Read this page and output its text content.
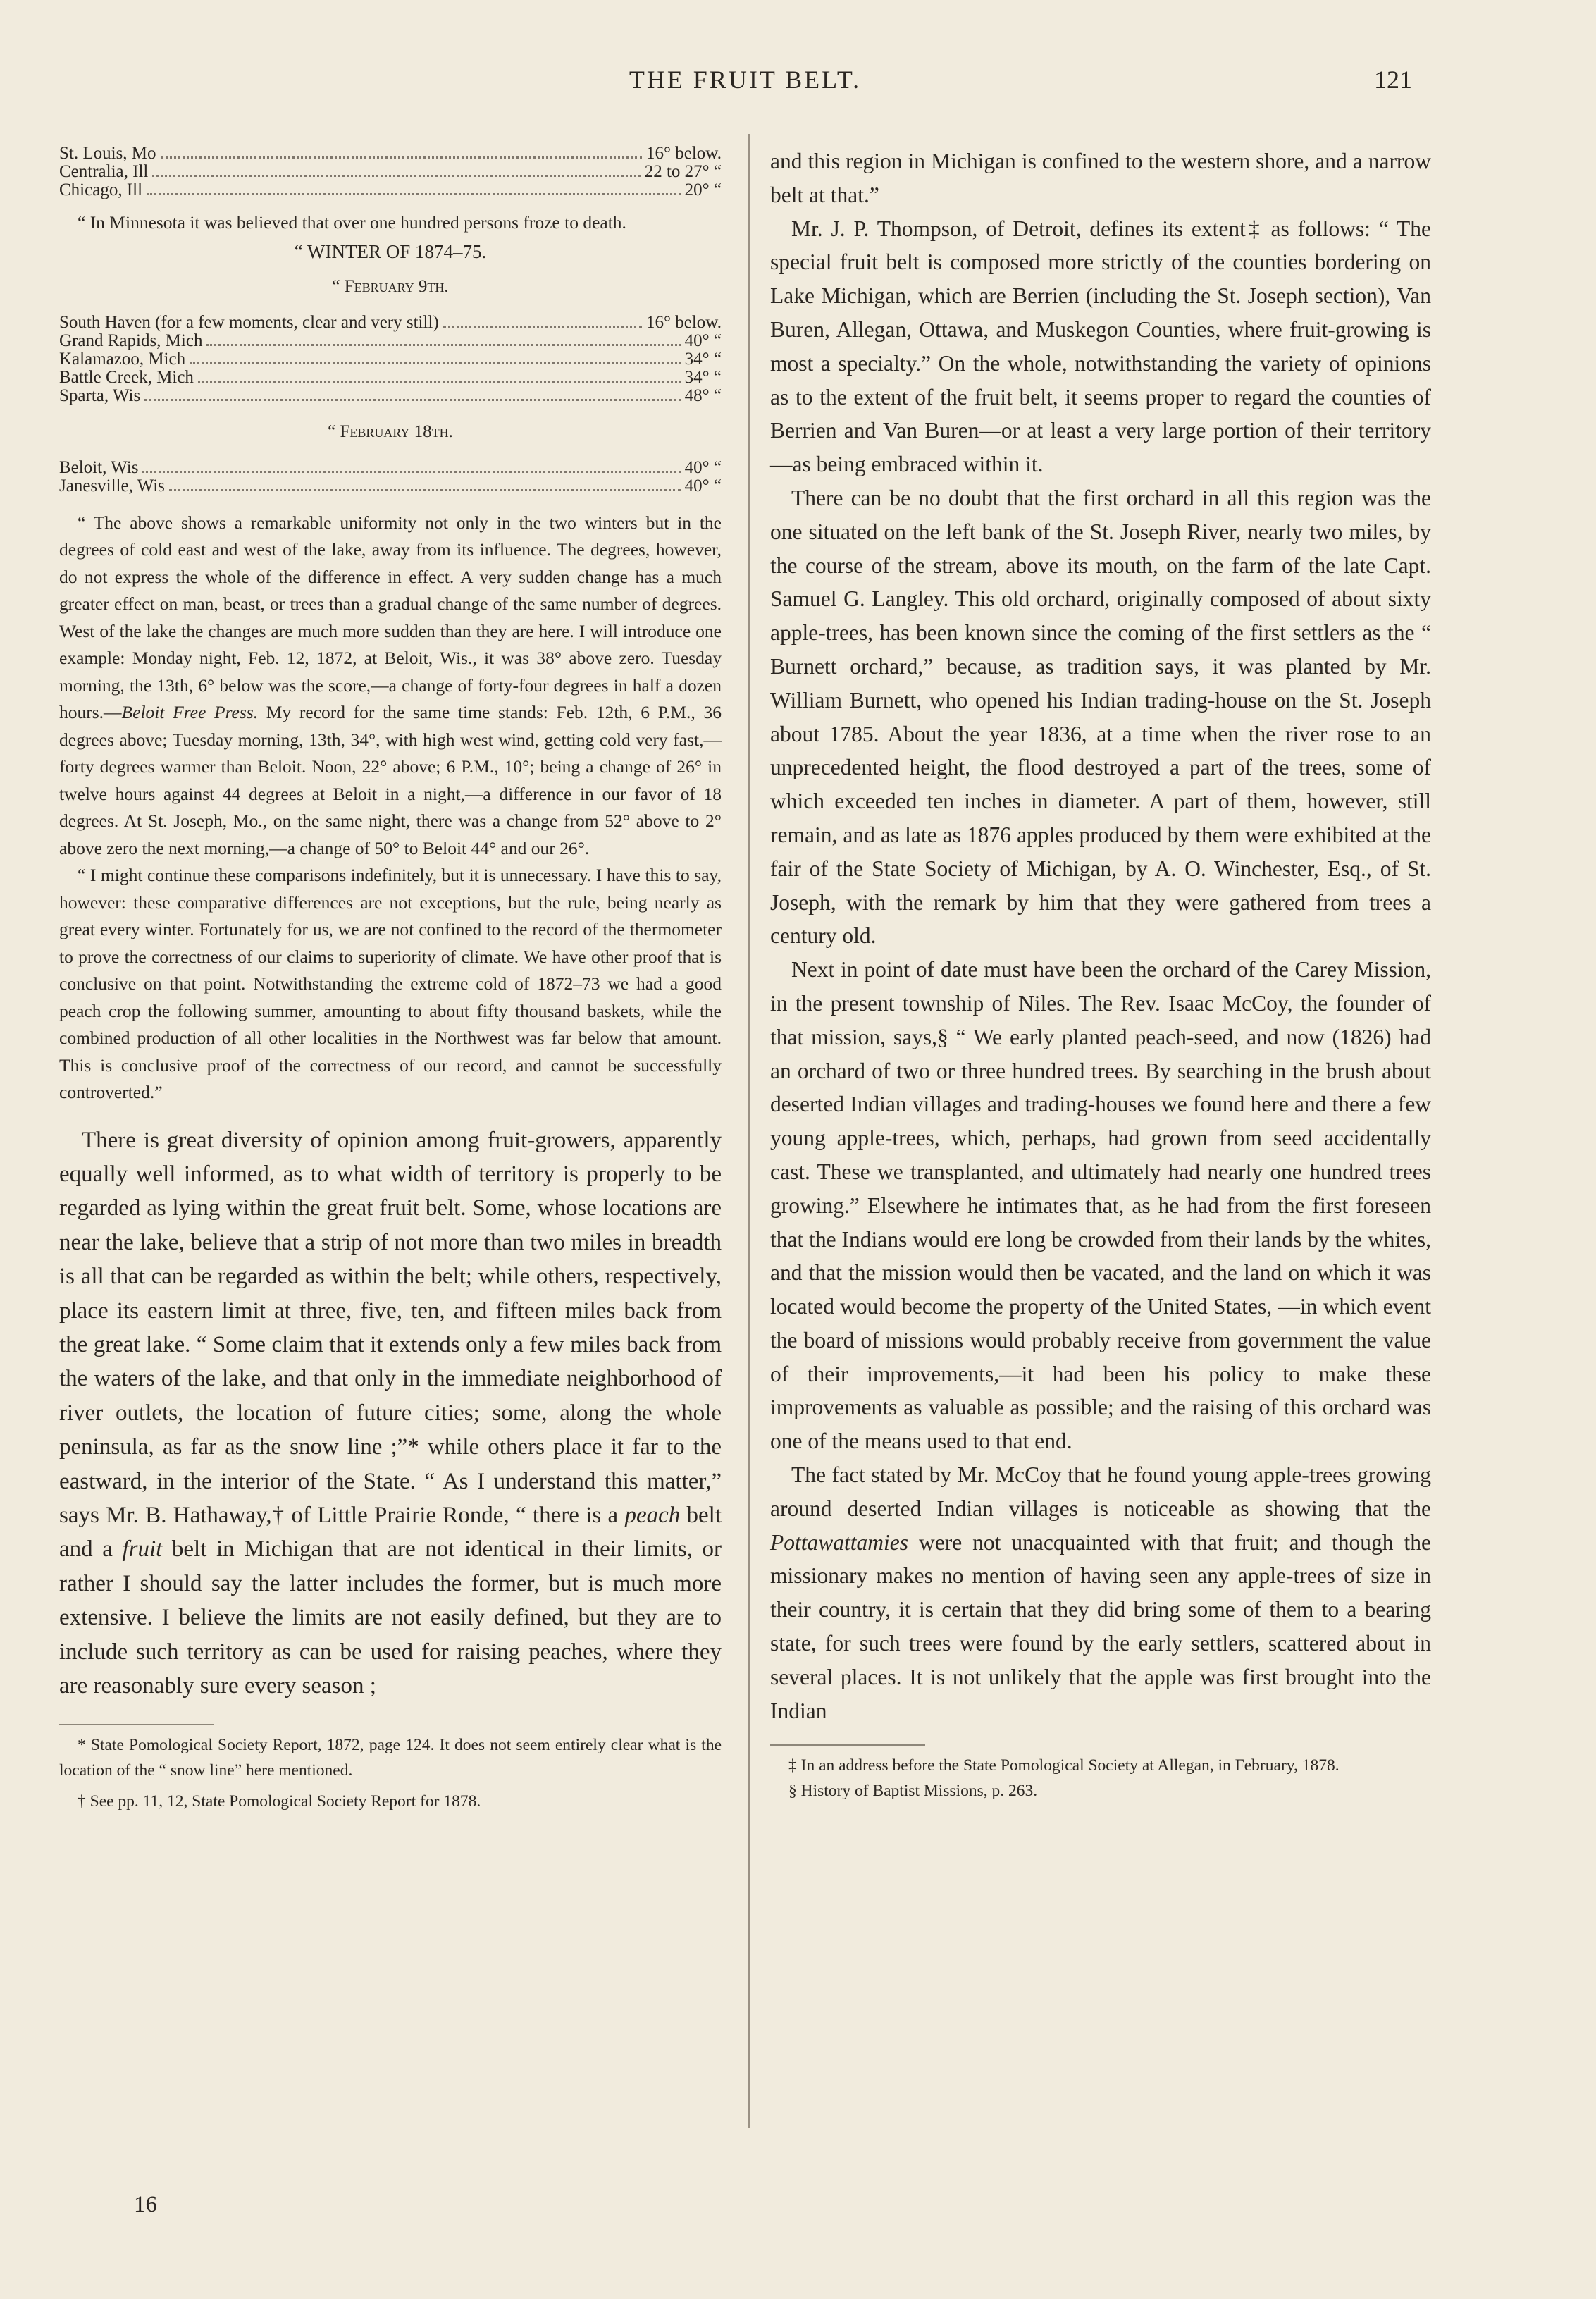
THE FRUIT BELT.	121
St. Louis, Mo	16° below.
Centralia, Ill	22 to 27° “
Chicago, Ill	20° “

“ In Minnesota it was believed that over one hundred persons froze to death.

“ WINTER OF 1874–75.
“ February 9th.
South Haven (for a few moments, clear and very still)	16° below.
Grand Rapids, Mich	40° “
Kalamazoo, Mich	34° “
Battle Creek, Mich	34° “
Sparta, Wis	48° “
“ February 18th.
Beloit, Wis	40° “
Janesville, Wis	40° “

“ The above shows a remarkable uniformity not only in the two winters but in the degrees of cold east and west of the lake, away from its influence. The degrees, however, do not express the whole of the difference in effect. A very sudden change has a much greater effect on man, beast, or trees than a gradual change of the same number of degrees. West of the lake the changes are much more sudden than they are here. I will introduce one example: Monday night, Feb. 12, 1872, at Beloit, Wis., it was 38° above zero. Tuesday morning, the 13th, 6° below was the score,—a change of forty-four degrees in half a dozen hours.—Beloit Free Press. My record for the same time stands: Feb. 12th, 6 P.M., 36 degrees above; Tuesday morning, 13th, 34°, with high west wind, getting cold very fast,—forty degrees warmer than Beloit. Noon, 22° above; 6 P.M., 10°; being a change of 26° in twelve hours against 44 degrees at Beloit in a night,—a difference in our favor of 18 degrees. At St. Joseph, Mo., on the same night, there was a change from 52° above to 2° above zero the next morning,—a change of 50° to Beloit 44° and our 26°.

“ I might continue these comparisons indefinitely, but it is unnecessary. I have this to say, however: these comparative differences are not exceptions, but the rule, being nearly as great every winter. Fortunately for us, we are not confined to the record of the thermometer to prove the correctness of our claims to superiority of climate. We have other proof that is conclusive on that point. Notwithstanding the extreme cold of 1872–73 we had a good peach crop the following summer, amounting to about fifty thousand baskets, while the combined production of all other localities in the Northwest was far below that amount. This is conclusive proof of the correctness of our record, and cannot be successfully controverted.”

There is great diversity of opinion among fruit-growers, apparently equally well informed, as to what width of territory is properly to be regarded as lying within the great fruit belt. Some, whose locations are near the lake, believe that a strip of not more than two miles in breadth is all that can be regarded as within the belt; while others, respectively, place its eastern limit at three, five, ten, and fifteen miles back from the great lake. “ Some claim that it extends only a few miles back from the waters of the lake, and that only in the immediate neighborhood of river outlets, the location of future cities; some, along the whole peninsula, as far as the snow line ;”* while others place it far to the eastward, in the interior of the State. “ As I understand this matter,” says Mr. B. Hathaway,† of Little Prairie Ronde, “ there is a peach belt and a fruit belt in Michigan that are not identical in their limits, or rather I should say the latter includes the former, but is much more extensive. I believe the limits are not easily defined, but they are to include such territory as can be used for raising peaches, where they are reasonably sure every season ;

* State Pomological Society Report, 1872, page 124. It does not seem entirely clear what is the location of the “ snow line” here mentioned.

† See pp. 11, 12, State Pomological Society Report for 1878.

16

and this region in Michigan is confined to the western shore, and a narrow belt at that.”

Mr. J. P. Thompson, of Detroit, defines its extent‡ as follows: “ The special fruit belt is composed more strictly of the counties bordering on Lake Michigan, which are Berrien (including the St. Joseph section), Van Buren, Allegan, Ottawa, and Muskegon Counties, where fruit-growing is most a specialty.” On the whole, notwithstanding the variety of opinions as to the extent of the fruit belt, it seems proper to regard the counties of Berrien and Van Buren—or at least a very large portion of their territory—as being embraced within it.

There can be no doubt that the first orchard in all this region was the one situated on the left bank of the St. Joseph River, nearly two miles, by the course of the stream, above its mouth, on the farm of the late Capt. Samuel G. Langley. This old orchard, originally composed of about sixty apple-trees, has been known since the coming of the first settlers as the “ Burnett orchard,” because, as tradition says, it was planted by Mr. William Burnett, who opened his Indian trading-house on the St. Joseph about 1785. About the year 1836, at a time when the river rose to an unprecedented height, the flood destroyed a part of the trees, some of which exceeded ten inches in diameter. A part of them, however, still remain, and as late as 1876 apples produced by them were exhibited at the fair of the State Society of Michigan, by A. O. Winchester, Esq., of St. Joseph, with the remark by him that they were gathered from trees a century old.

Next in point of date must have been the orchard of the Carey Mission, in the present township of Niles. The Rev. Isaac McCoy, the founder of that mission, says,§ “ We early planted peach-seed, and now (1826) had an orchard of two or three hundred trees. By searching in the brush about deserted Indian villages and trading-houses we found here and there a few young apple-trees, which, perhaps, had grown from seed accidentally cast. These we transplanted, and ultimately had nearly one hundred trees growing.” Elsewhere he intimates that, as he had from the first foreseen that the Indians would ere long be crowded from their lands by the whites, and that the mission would then be vacated, and the land on which it was located would become the property of the United States, —in which event the board of missions would probably receive from government the value of their improvements,—it had been his policy to make these improvements as valuable as possible; and the raising of this orchard was one of the means used to that end.

The fact stated by Mr. McCoy that he found young apple-trees growing around deserted Indian villages is noticeable as showing that the Pottawattamies were not unacquainted with that fruit; and though the missionary makes no mention of having seen any apple-trees of size in their country, it is certain that they did bring some of them to a bearing state, for such trees were found by the early settlers, scattered about in several places. It is not unlikely that the apple was first brought into the Indian

‡ In an address before the State Pomological Society at Allegan, in February, 1878.

§ History of Baptist Missions, p. 263.
